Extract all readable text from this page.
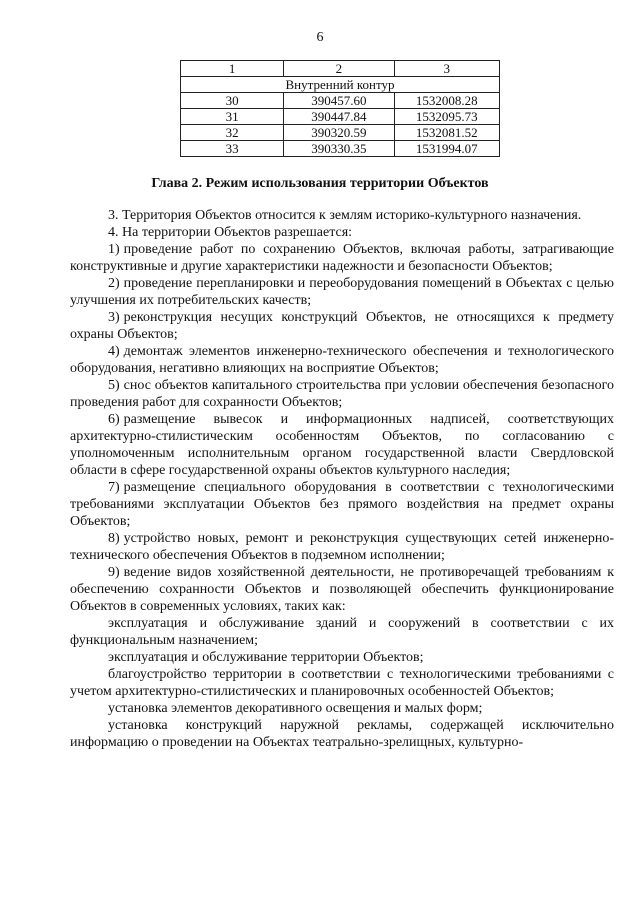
6
1	2	3
Внутренний контур		
30	390457.60	1532008.28
31	390447.84	1532095.73
32	390320.59	1532081.52
33	390330.35	1531994.07
Глава 2. Режим использования территории Объектов

3. Территория Объектов относится к землям историко-культурного назначения.

4. На территории Объектов разрешается:

1) проведение работ по сохранению Объектов, включая работы, затрагивающие конструктивные и другие характеристики надежности и безопасности Объектов;

2) проведение перепланировки и переоборудования помещений в Объектах с целью улучшения их потребительских качеств;

3) реконструкция несущих конструкций Объектов, не относящихся к предмету охраны Объектов;

4) демонтаж элементов инженерно-технического обеспечения и технологического оборудования, негативно влияющих на восприятие Объектов;

5) снос объектов капитального строительства при условии обеспечения безопасного проведения работ для сохранности Объектов;

6) размещение вывесок и информационных надписей, соответствующих архитектурно-стилистическим особенностям Объектов, по согласованию с уполномоченным исполнительным органом государственной власти Свердловской области в сфере государственной охраны объектов культурного наследия;

7) размещение специального оборудования в соответствии с технологическими требованиями эксплуатации Объектов без прямого воздействия на предмет охраны Объектов;

8) устройство новых, ремонт и реконструкция существующих сетей инженерно-технического обеспечения Объектов в подземном исполнении;

9) ведение видов хозяйственной деятельности, не противоречащей требованиям к обеспечению сохранности Объектов и позволяющей обеспечить функционирование Объектов в современных условиях, таких как:

эксплуатация и обслуживание зданий и сооружений в соответствии с их функциональным назначением;

эксплуатация и обслуживание территории Объектов;

благоустройство территории в соответствии с технологическими требованиями с учетом архитектурно-стилистических и планировочных особенностей Объектов;

установка элементов декоративного освещения и малых форм;

установка конструкций наружной рекламы, содержащей исключительно информацию о проведении на Объектах театрально-зрелищных, культурно-
